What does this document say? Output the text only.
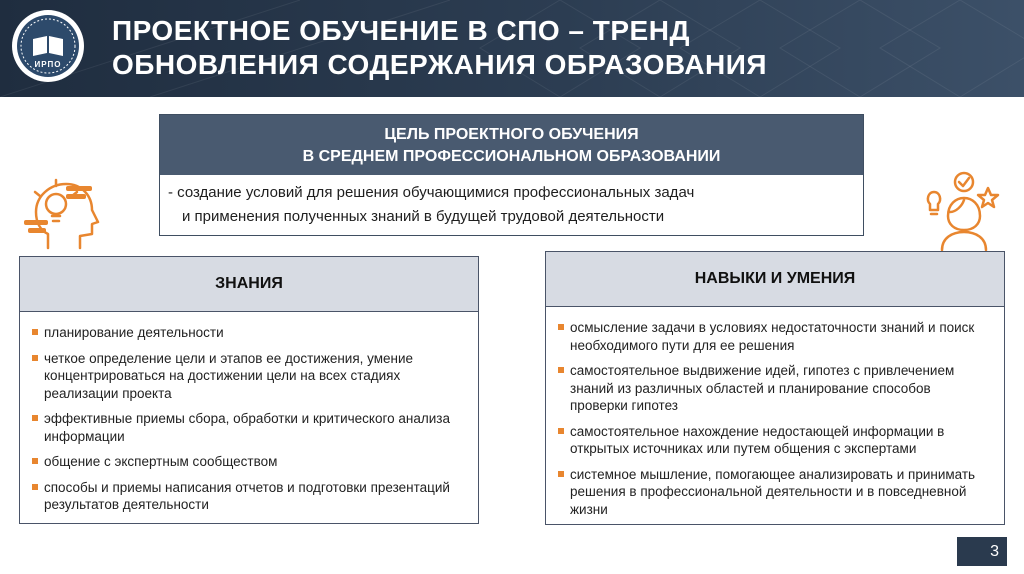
ИРПО
ПРОЕКТНОЕ ОБУЧЕНИЕ В СПО – ТРЕНД
ОБНОВЛЕНИЯ СОДЕРЖАНИЯ ОБРАЗОВАНИЯ
ЦЕЛЬ ПРОЕКТНОГО ОБУЧЕНИЯ
В СРЕДНЕМ ПРОФЕССИОНАЛЬНОМ ОБРАЗОВАНИИ
- создание условий для решения обучающимися профессиональных задач
и применения полученных знаний в будущей трудовой деятельности
ЗНАНИЯ
планирование деятельности
четкое определение цели и этапов ее достижения, умение концентрироваться на достижении цели на всех стадиях реализации проекта
эффективные приемы сбора, обработки и критического анализа информации
общение с экспертным сообществом
способы и приемы написания отчетов и подготовки презентаций результатов деятельности
НАВЫКИ И УМЕНИЯ
осмысление задачи в условиях недостаточности знаний и поиск необходимого пути для ее решения
самостоятельное выдвижение идей, гипотез с привлечением знаний из различных областей и планирование способов проверки гипотез
самостоятельное нахождение недостающей информации в открытых источниках или путем общения с экспертами
системное мышление, помогающее анализировать и принимать решения в профессиональной деятельности и в повседневной жизни
3
